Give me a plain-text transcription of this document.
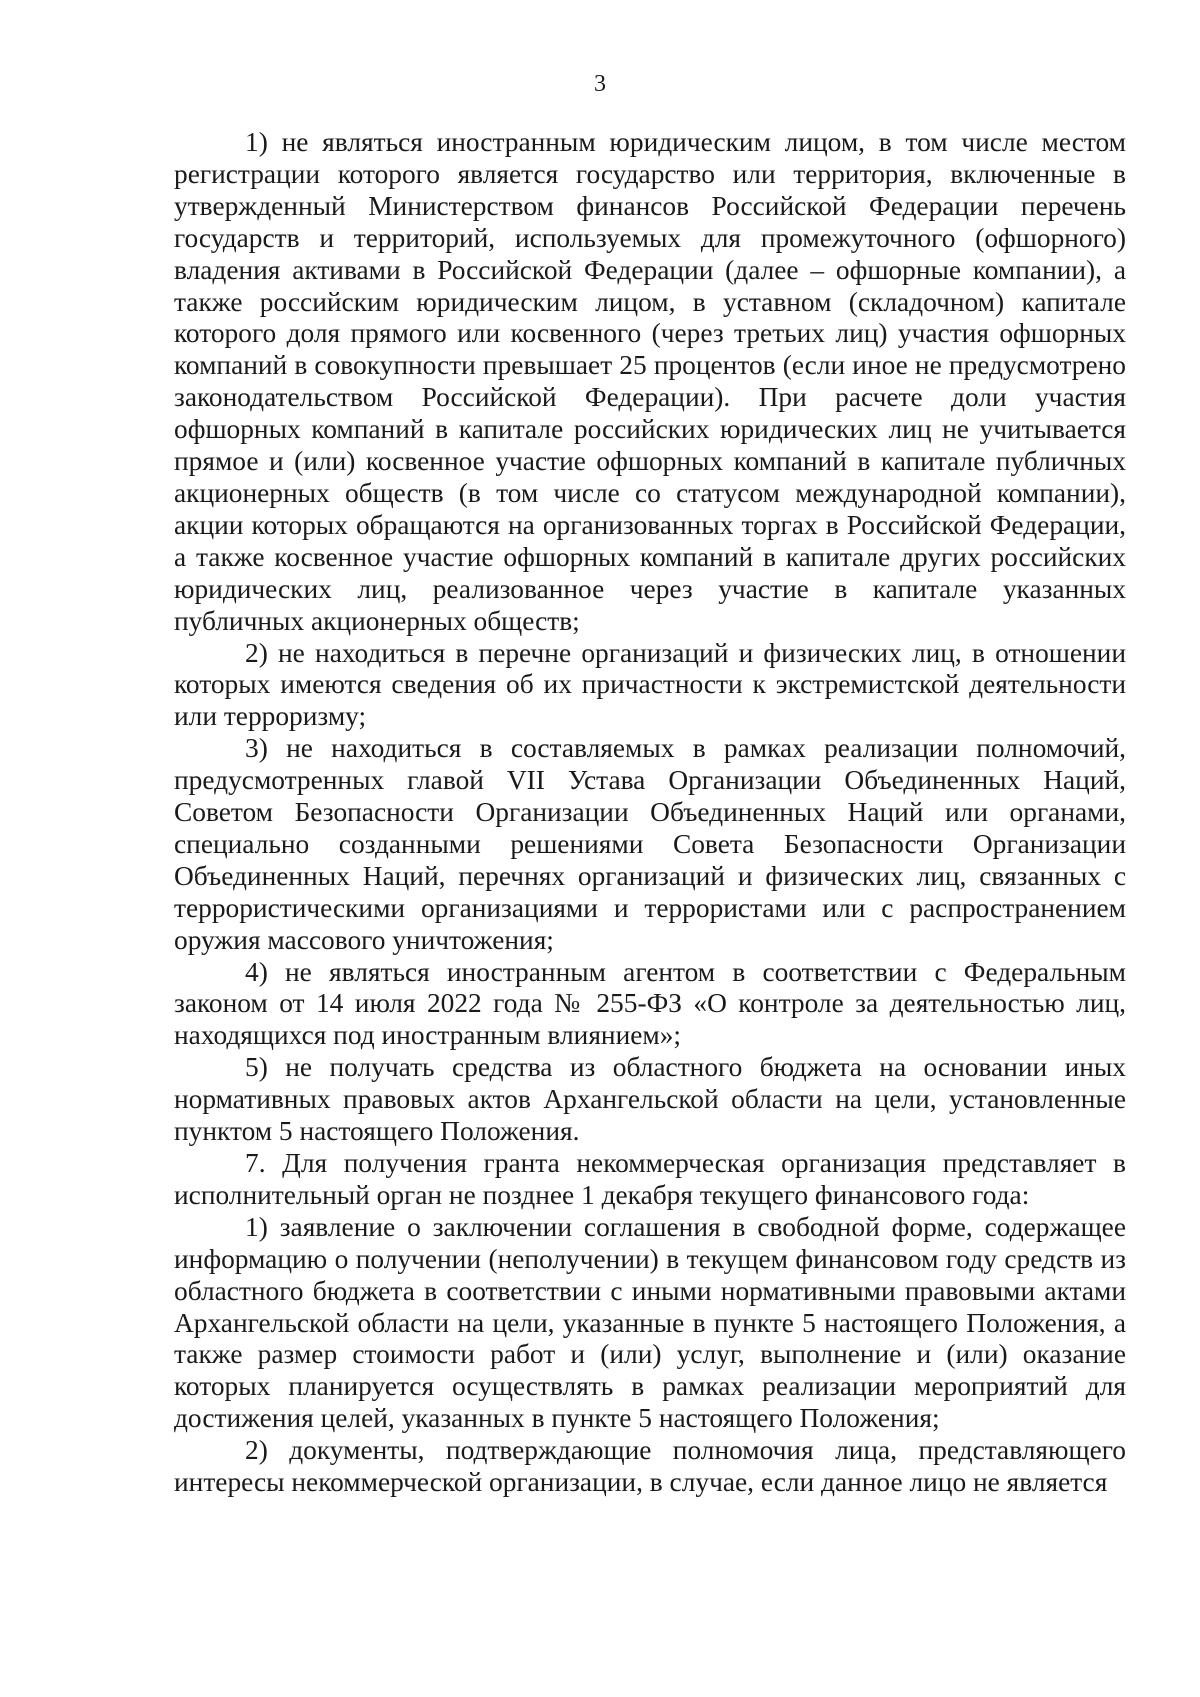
3

1) не являться иностранным юридическим лицом, в том числе местом регистрации которого является государство или территория, включенные в утвержденный Министерством финансов Российской Федерации перечень государств и территорий, используемых для промежуточного (офшорного) владения активами в Российской Федерации (далее – офшорные компании), а также российским юридическим лицом, в уставном (складочном) капитале которого доля прямого или косвенного (через третьих лиц) участия офшорных компаний в совокупности превышает 25 процентов (если иное не предусмотрено законодательством Российской Федерации). При расчете доли участия офшорных компаний в капитале российских юридических лиц не учитывается прямое и (или) косвенное участие офшорных компаний в капитале публичных акционерных обществ (в том числе со статусом международной компании), акции которых обращаются на организованных торгах в Российской Федерации, а также косвенное участие офшорных компаний в капитале других российских юридических лиц, реализованное через участие в капитале указанных публичных акционерных обществ;

2) не находиться в перечне организаций и физических лиц, в отношении которых имеются сведения об их причастности к экстремистской деятельности или терроризму;

3) не находиться в составляемых в рамках реализации полномочий, предусмотренных главой VII Устава Организации Объединенных Наций, Советом Безопасности Организации Объединенных Наций или органами, специально созданными решениями Совета Безопасности Организации Объединенных Наций, перечнях организаций и физических лиц, связанных с террористическими организациями и террористами или с распространением оружия массового уничтожения;

4) не являться иностранным агентом в соответствии с Федеральным законом от 14 июля 2022 года № 255-ФЗ «О контроле за деятельностью лиц, находящихся под иностранным влиянием»;

5) не получать средства из областного бюджета на основании иных нормативных правовых актов Архангельской области на цели, установленные пунктом 5 настоящего Положения.

7. Для получения гранта некоммерческая организация представляет в исполнительный орган не позднее 1 декабря текущего финансового года:

1) заявление о заключении соглашения в свободной форме, содержащее информацию о получении (неполучении) в текущем финансовом году средств из областного бюджета в соответствии с иными нормативными правовыми актами Архангельской области на цели, указанные в пункте 5 настоящего Положения, а также размер стоимости работ и (или) услуг, выполнение и (или) оказание которых планируется осуществлять в рамках реализации мероприятий для достижения целей, указанных в пункте 5 настоящего Положения;

2) документы, подтверждающие полномочия лица, представляющего интересы некоммерческой организации, в случае, если данное лицо не является
